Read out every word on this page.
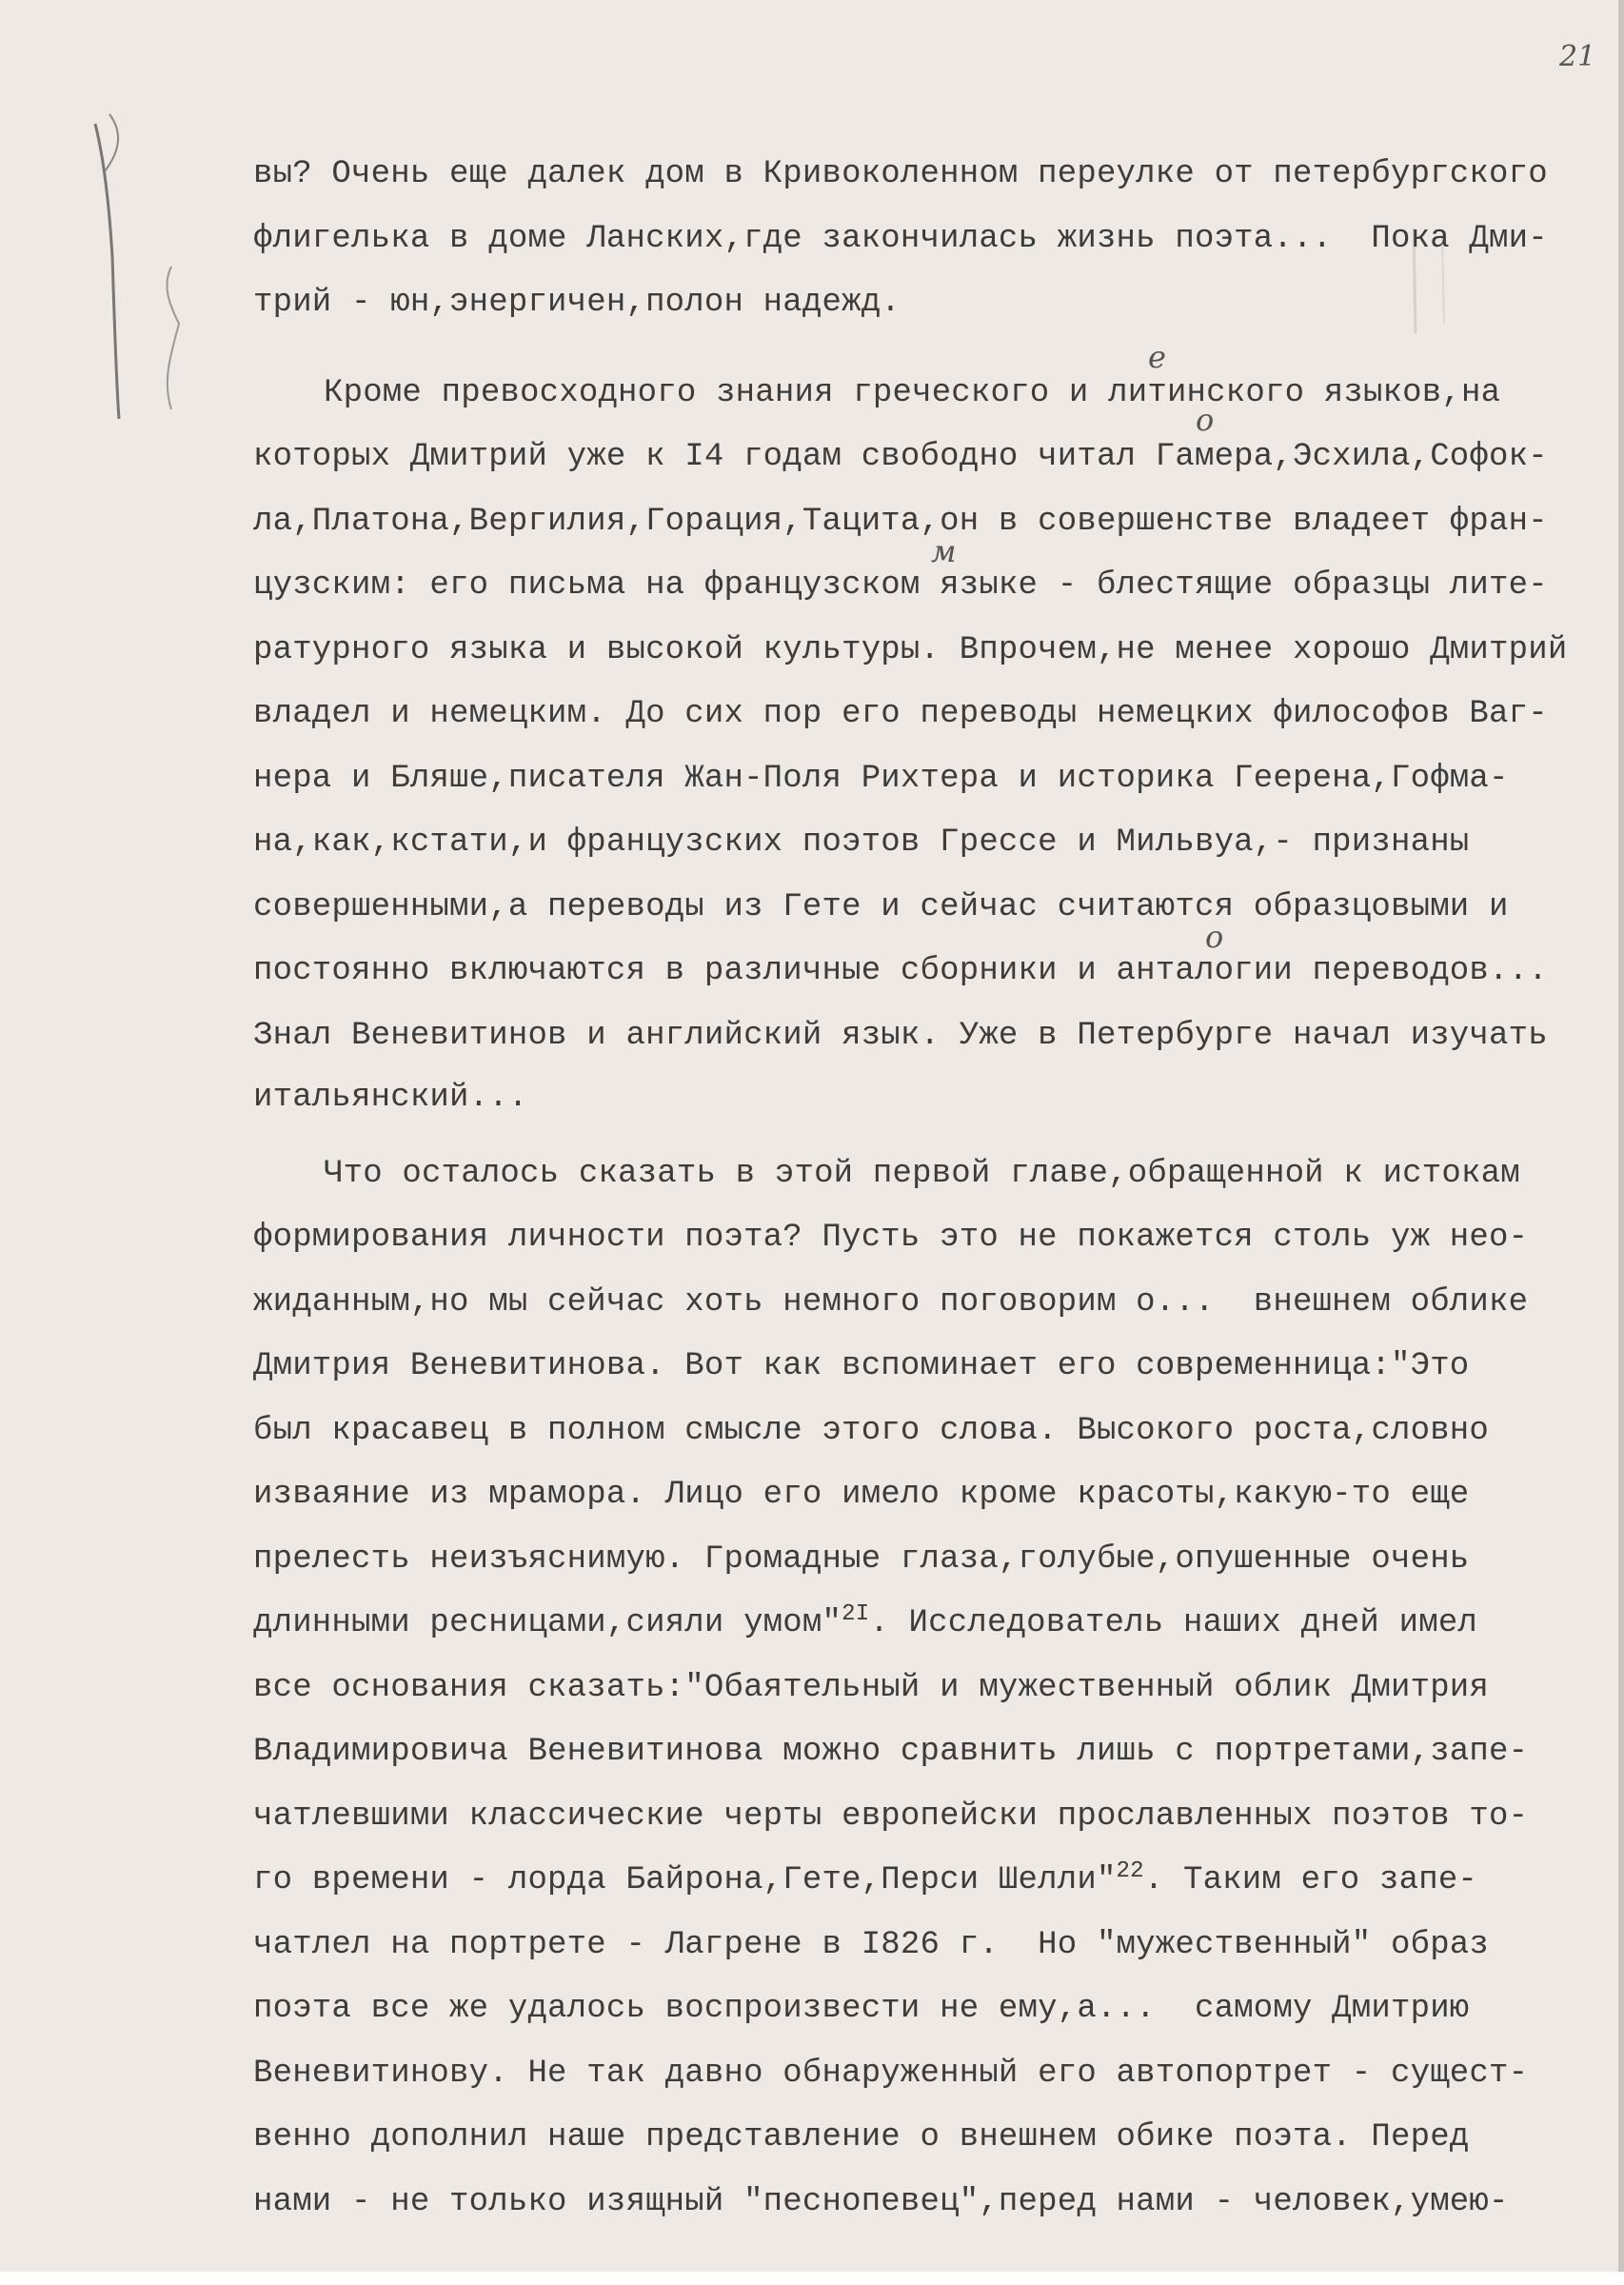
21
вы? Очень еще далек дом в Кривоколенном переулке от петербургского
флигелька в доме Ланских,где закончилась жизнь поэта...  Пока Дми-
трий - юн,энергичен,полон надежд.
Кроме превосходного знания греческого и литинского языков,на
которых Дмитрий уже к I4 годам свободно читал Гамера,Эсхила,Софок-
ла,Платона,Вергилия,Горация,Тацита,он в совершенстве владеет фран-
цузским: его письма на французском языке - блестящие образцы лите-
ратурного языка и высокой культуры. Впрочем,не менее хорошо Дмитрий
владел и немецким. До сих пор его переводы немецких философов Ваг-
нера и Бляше,писателя Жан-Поля Рихтера и историка Геерена,Гофма-
на,как,кстати,и французских поэтов Грессе и Мильвуа,- признаны
совершенными,а переводы из Гете и сейчас считаются образцовыми и
постоянно включаются в различные сборники и анталогии переводов...
Знал Веневитинов и английский язык. Уже в Петербурге начал изучать
итальянский...
Что осталось сказать в этой первой главе,обращенной к истокам
формирования личности поэта? Пусть это не покажется столь уж нео-
жиданным,но мы сейчас хоть немного поговорим о...  внешнем облике
Дмитрия Веневитинова. Вот как вспоминает его современница:"Это
был красавец в полном смысле этого слова. Высокого роста,словно
изваяние из мрамора. Лицо его имело кроме красоты,какую-то еще
прелесть неизъяснимую. Громадные глаза,голубые,опушенные очень
длинными ресницами,сияли умом"$^{2I}$. Исследователь наших дней имел
все основания сказать:"Обаятельный и мужественный облик Дмитрия
Владимировича Веневитинова можно сравнить лишь с портретами,запе-
чатлевшими классические черты европейски прославленных поэтов то-
го времени - лорда Байрона,Гете,Перси Шелли"$^{22}$. Таким его запе-
чатлел на портрете - Лагрене в I826 г.  Но "мужественный" образ
поэта все же удалось воспроизвести не ему,а...  самому Дмитрию
Веневитинову. Не так давно обнаруженный его автопортрет - сущест-
венно дополнил наше представление о внешнем обике поэта. Перед
нами - не только изящный "песнопевец",перед нами - человек,умею-
е
о
м
о
